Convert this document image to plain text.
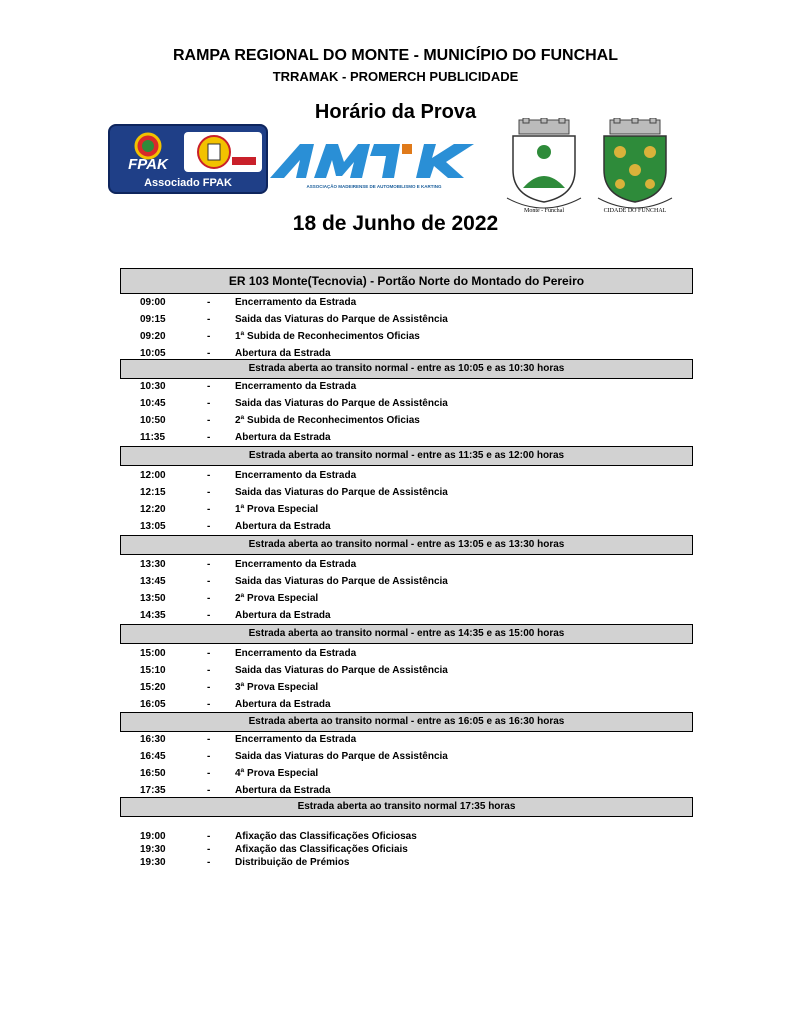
RAMPA REGIONAL DO MONTE - MUNICÍPIO DO FUNCHAL
TRRAMAK - PROMERCH PUBLICIDADE
Horário da Prova
FPAK
Associado FPAK	ASSOCIAÇÃO MADEIRENSE DE AUTOMOBILISMO E KARTING
Monte - Funchal	CIDADE DO FUNCHAL
18 de Junho de 2022
ER 103 Monte(Tecnovia) - Portão Norte do Montado do Pereiro
09:00	- Encerramento da Estrada
09:15	- Saida das Viaturas do Parque de Assistência
09:20	- 1ª Subida de Reconhecimentos Oficias
10:05	- Abertura da Estrada
Estrada aberta ao transito normal - entre as 10:05 e as 10:30 horas
10:30	- Encerramento da Estrada
10:45	- Saida das Viaturas do Parque de Assistência
10:50	- 2ª Subida de Reconhecimentos Oficias
11:35	- Abertura da Estrada
Estrada aberta ao transito normal - entre as 11:35 e as 12:00 horas
12:00	- Encerramento da Estrada
12:15	- Saida das Viaturas do Parque de Assistência
12:20	- 1ª Prova Especial
13:05	- Abertura da Estrada
Estrada aberta ao transito normal - entre as 13:05 e as 13:30 horas
13:30	- Encerramento da Estrada
13:45	- Saida das Viaturas do Parque de Assistência
13:50	- 2ª Prova Especial
14:35	- Abertura da Estrada
Estrada aberta ao transito normal - entre as 14:35 e as 15:00 horas
15:00	- Encerramento da Estrada
15:10	- Saida das Viaturas do Parque de Assistência
15:20	- 3ª Prova Especial
16:05	- Abertura da Estrada
Estrada aberta ao transito normal - entre as 16:05 e as 16:30 horas
16:30	- Encerramento da Estrada
16:45	- Saida das Viaturas do Parque de Assistência
16:50	- 4ª Prova Especial
17:35	- Abertura da Estrada
Estrada aberta ao transito normal 17:35 horas
19:00	- Afixação das Classificações Oficiosas
19:30	- Afixação das Classificações Oficiais
19:30	- Distribuição de Prémios
